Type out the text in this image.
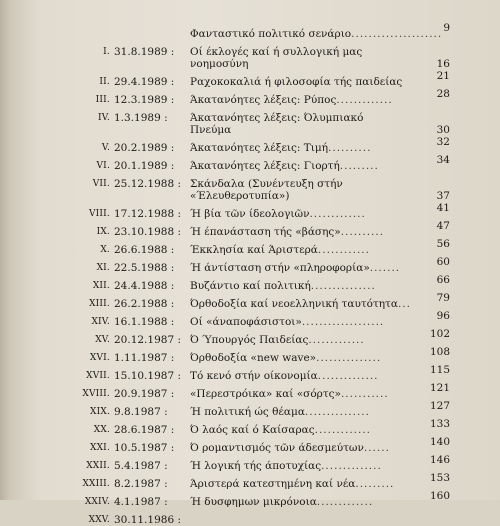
Φανταστικό πολιτικό σενάριο..................... 9
I. 31.8.1989 :	Οί έκλογές καί ή συλλογική μας
νοημοσύνη	16
II. 29.4.1989 :	Ραχοκοκαλιά ή φιλοσοφία τής παιδείας	21
III. 12.3.1989 :	Άκατανόητες λέξεις: Ρύπος.............	28
IV. 1.3.1989 :	Άκατανόητες λέξεις: Όλυμπιακό
Πνεύμα	30
V. 20.2.1989 :	Άκατανόητες λέξεις: Τιμή..........	32
VI. 20.1.1989 :	Άκατανόητες λέξεις: Γιορτή.........	34
VII. 25.12.1988 : Σκάνδαλα (Συνέντευξη στήν
«Έλευθεροτυπία»)	37
VIII. 17.12.1988 : Ή βία τῶν ίδεολογιῶν.............	41
IX. 23.10.1988 : Ή έπανάσταση τής «βάσης»..........	47
X. 26.6.1988 :	Έκκλησία καί Άριστερά............	56
XI. 22.5.1988 :	Ή άντίσταση στήν «πληροφορία».......	60
XII. 24.4.1988 :	Βυζάντιο καί πολιτική...............	66
XIII. 26.2.1988 :	Όρθοδοξία καί νεοελληνική ταυτότητα...	79
XIV. 16.1.1988 :	Οί «άναποφάσιστοι»...................	96
XV. 20.12.1987 : Ό Ύπουργός Παιδείας.............	102
XVI. 1.11.1987 :	Όρθοδοξία «new wave»...............	108
XVII. 15.10.1987 : Τό κενό στήν οίκονομία..............	115
XVIII. 20.9.1987 :	«Περεστρόικα» καί «σόρτς»...........	121
XIX. 9.8.1987 :	Ή πολιτική ώς θέαμα...............	127
XX. 28.6.1987 :	Ό λαός καί ό Καίσαρας.............	133
XXI. 10.5.1987 :	Ό ρομαντισμός τῶν άδεσμεύτων......	140
XXII. 5.4.1987 :	Ή λογική τής άποτυχίας..............	146
XXIII. 8.2.1987 :	Άριστερά κατεστημένη καί νέα.........	153
XXIV. 4.1.1987 :	Ή δυσφημων μικρόνοια.............	160
XXV. 30.11.1986 :
